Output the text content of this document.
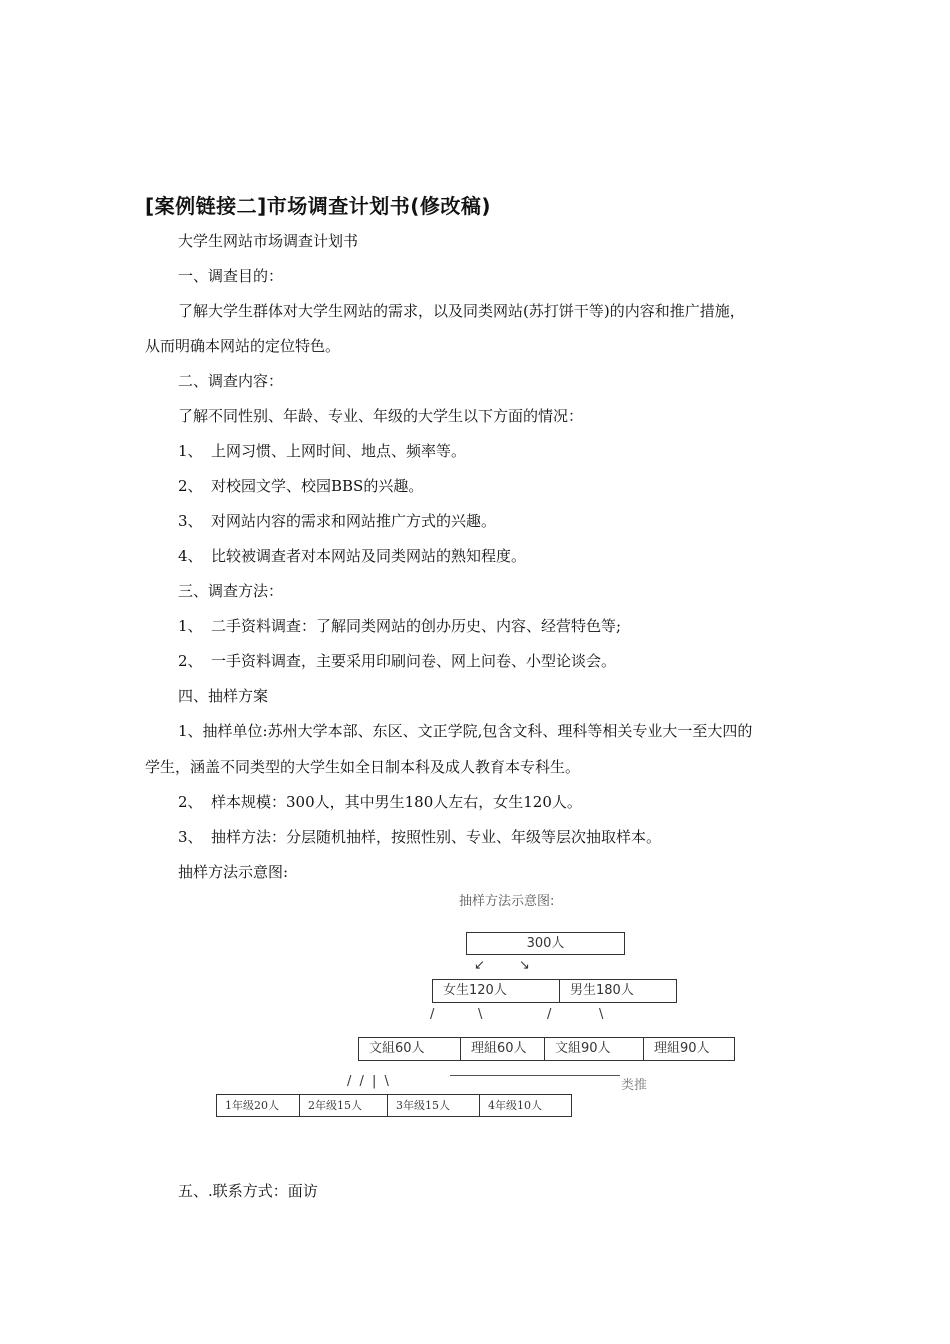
[案例链接二]市场调查计划书(修改稿)
大学生网站市场调查计划书
一、调查目的：
了解大学生群体对大学生网站的需求，以及同类网站(苏打饼干等)的内容和推广措施，
从而明确本网站的定位特色。
二、调查内容：
了解不同性别、年龄、专业、年级的大学生以下方面的情况：
1、 上网习惯、上网时间、地点、频率等。
2、 对校园文学、校园BBS的兴趣。
3、 对网站内容的需求和网站推广方式的兴趣。
4、 比较被调查者对本网站及同类网站的熟知程度。
三、调查方法：
1、 二手资料调查：了解同类网站的创办历史、内容、经营特色等;
2、 一手资料调查，主要采用印刷问卷、网上问卷、小型论谈会。
四、抽样方案
1、抽样单位:苏州大学本部、东区、文正学院,包含文科、理科等相关专业大一至大四的
学生，涵盖不同类型的大学生如全日制本科及成人教育本专科生。
2、 样本规模：300人，其中男生180人左右，女生120人。
3、 抽样方法：分层随机抽样，按照性别、专业、年级等层次抽取样本。
抽样方法示意图:
抽样方法示意图:
300人
↙ ↘
女生120人	男生180人
/	\	/	\
文組60人	理組60人	文組90人	理組90人
/ / | \	类推
1年级20人	2年级15人	3年级15人	4年级10人
五、.联系方式：面访
